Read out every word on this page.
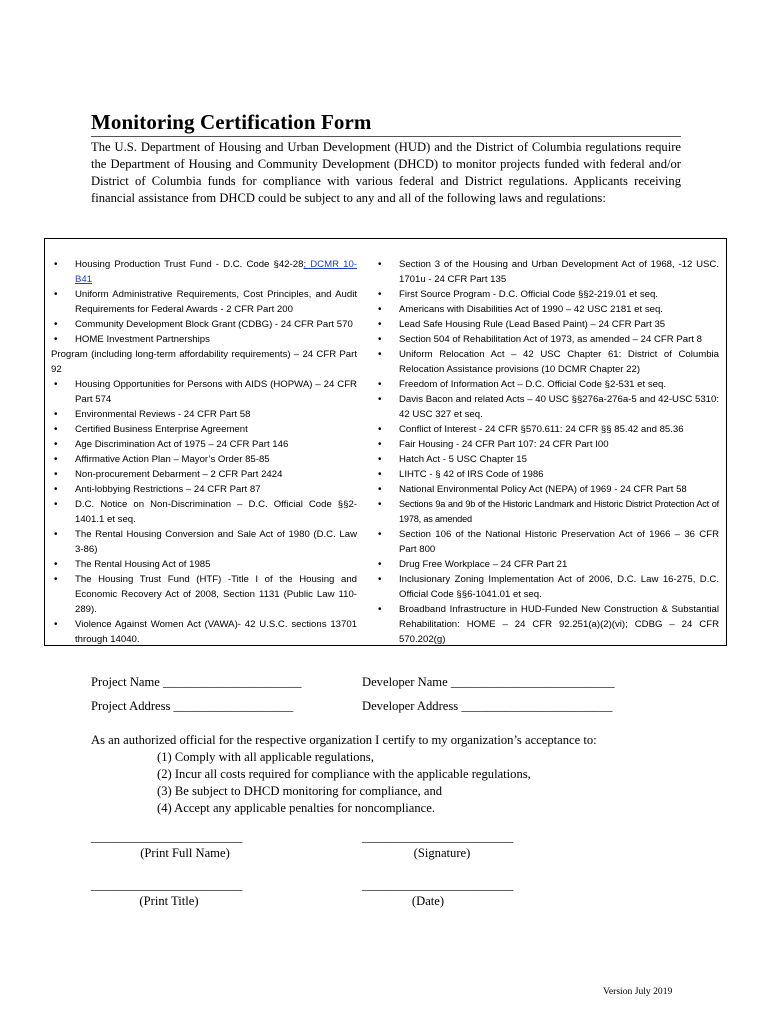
Monitoring Certification Form
The U.S. Department of Housing and Urban Development (HUD) and the District of Columbia regulations require the Department of Housing and Community Development (DHCD) to monitor projects funded with federal and/or District of Columbia funds for compliance with various federal and District regulations. Applicants receiving financial assistance from DHCD could be subject to any and all of the following laws and regulations:
• Housing Production Trust Fund - D.C. Code §42-28; DCMR 10-B41
• Uniform Administrative Requirements, Cost Principles, and Audit Requirements for Federal Awards - 2 CFR Part 200
• Community Development Block Grant (CDBG) - 24 CFR Part 570
• HOME Investment Partnerships
Program (including long-term affordability requirements) – 24 CFR Part 92
• Housing Opportunities for Persons with AIDS (HOPWA) – 24 CFR Part 574
• Environmental Reviews - 24 CFR Part 58
• Certified Business Enterprise Agreement
• Age Discrimination Act of 1975 – 24 CFR Part 146
• Affirmative Action Plan – Mayor’s Order 85-85
• Non-procurement Debarment – 2 CFR Part 2424
• Anti-lobbying Restrictions – 24 CFR Part 87
• D.C. Notice on Non-Discrimination – D.C. Official Code §§2-1401.1 et seq.
• The Rental Housing Conversion and Sale Act of 1980 (D.C. Law 3-86)
• The Rental Housing Act of 1985
• The Housing Trust Fund (HTF) -Title I of the Housing and Economic Recovery Act of 2008, Section 1131 (Public Law 110-289).
• Violence Against Women Act (VAWA)- 42 U.S.C. sections 13701 through 14040.
• Section 3 of the Housing and Urban Development Act of 1968, -12 USC. 1701u - 24 CFR Part 135
• First Source Program - D.C. Official Code §§2-219.01 et seq.
• Americans with Disabilities Act of 1990 – 42 USC 2181 et seq.
• Lead Safe Housing Rule (Lead Based Paint) – 24 CFR Part 35
• Section 504 of Rehabilitation Act of 1973, as amended – 24 CFR Part 8
• Uniform Relocation Act – 42 USC Chapter 61: District of Columbia Relocation Assistance provisions (10 DCMR Chapter 22)
• Freedom of Information Act – D.C. Official Code §2-531 et seq.
• Davis Bacon and related Acts – 40 USC §§276a-276a-5 and 42-USC 5310: 42 USC 327 et seq.
• Conflict of Interest - 24 CFR §570.611: 24 CFR §§ 85.42 and 85.36
• Fair Housing - 24 CFR Part 107: 24 CFR Part I00
• Hatch Act - 5 USC Chapter 15
• LIHTC - § 42 of IRS Code of 1986
• National Environmental Policy Act (NEPA) of 1969 - 24 CFR Part 58
• Sections 9a and 9b of the Historic Landmark and Historic District Protection Act of 1978, as amended
• Section 106 of the National Historic Preservation Act of 1966 – 36 CFR Part 800
• Drug Free Workplace – 24 CFR Part 21
• Inclusionary Zoning Implementation Act of 2006, D.C. Law 16-275, D.C. Official Code §§6-1041.01 et seq.
• Broadband Infrastructure in HUD-Funded New Construction & Substantial Rehabilitation: HOME – 24 CFR 92.251(a)(2)(vi); CDBG – 24 CFR 570.202(g)
Project Name ______________________	Developer Name __________________________
Project Address ___________________	Developer Address ________________________
As an authorized official for the respective organization I certify to my organization’s acceptance to:
(1) Comply with all applicable regulations,
(2) Incur all costs required for compliance with the applicable regulations,
(3) Be subject to DHCD monitoring for compliance, and
(4) Accept any applicable penalties for noncompliance.
________________________	________________________
(Print Full Name)	(Signature)
________________________	________________________
(Print Title)	(Date)
Version July 2019
